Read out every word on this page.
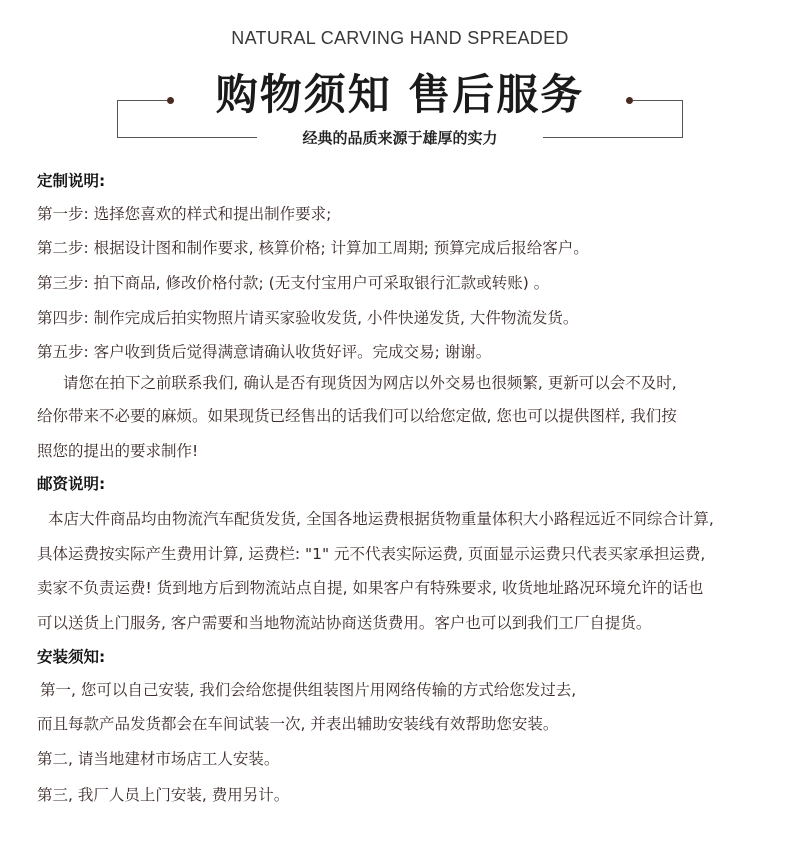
NATURAL CARVING HAND SPREADED
购物须知 售后服务
经典的品质来源于雄厚的实力
定制说明:
第一步: 选择您喜欢的样式和提出制作要求;
第二步: 根据设计图和制作要求, 核算价格; 计算加工周期; 预算完成后报给客户。
第三步: 拍下商品, 修改价格付款; (无支付宝用户可采取银行汇款或转账) 。
第四步: 制作完成后拍实物照片请买家验收发货, 小件快递发货, 大件物流发货。
第五步: 客户收到货后觉得满意请确认收货好评。完成交易; 谢谢。
请您在拍下之前联系我们, 确认是否有现货因为网店以外交易也很频繁, 更新可以会不及时,
给你带来不必要的麻烦。如果现货已经售出的话我们可以给您定做, 您也可以提供图样, 我们按
照您的提出的要求制作!
邮资说明:
本店大件商品均由物流汽车配货发货, 全国各地运费根据货物重量体积大小路程远近不同综合计算,
具体运费按实际产生费用计算, 运费栏: "1" 元不代表实际运费, 页面显示运费只代表买家承担运费,
卖家不负责运费! 货到地方后到物流站点自提, 如果客户有特殊要求, 收货地址路况环境允许的话也
可以送货上门服务, 客户需要和当地物流站协商送货费用。客户也可以到我们工厂自提货。
安装须知:
第一, 您可以自己安装, 我们会给您提供组装图片用网络传输的方式给您发过去,
而且每款产品发货都会在车间试装一次, 并表出辅助安装线有效帮助您安装。
第二, 请当地建材市场店工人安装。
第三, 我厂人员上门安装, 费用另计。
